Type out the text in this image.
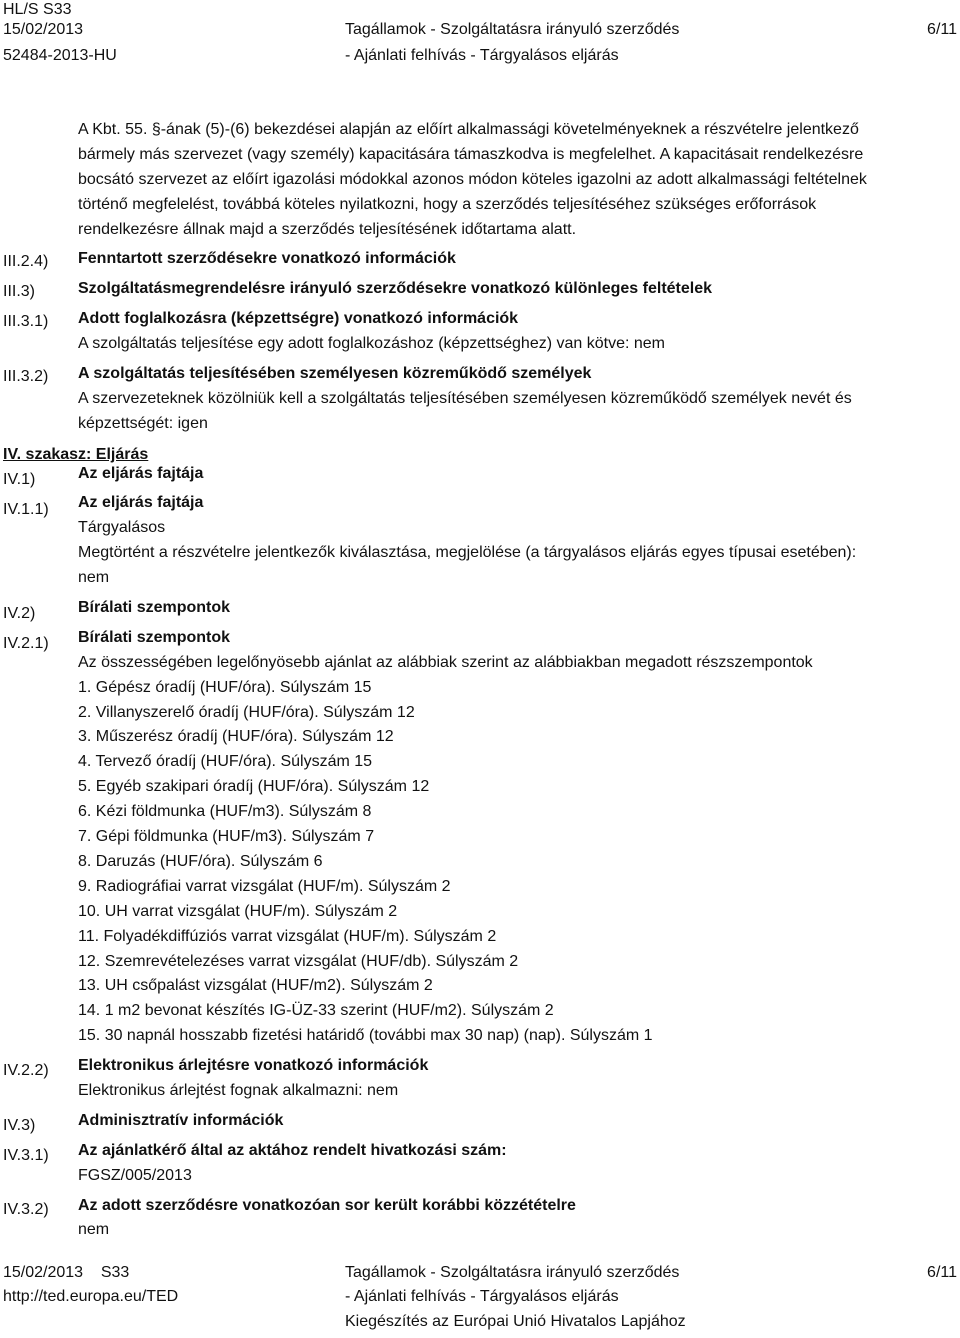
HL/S S33
15/02/2013
52484-2013-HU
Tagállamok - Szolgáltatásra irányuló szerződés
- Ajánlati felhívás - Tárgyalásos eljárás
6/11
III.2.4)
III.3)
III.3.1)
III.3.2)
IV. szakasz: Eljárás
IV.1)
IV.1.1)
IV.2)
IV.2.1)
IV.2.2)
IV.3)
IV.3.1)
IV.3.2)
A Kbt. 55. §-ának (5)-(6) bekezdései alapján az előírt alkalmassági követelményeknek a részvételre jelentkező
bármely más szervezet (vagy személy) kapacitására támaszkodva is megfelelhet. A kapacitásait rendelkezésre
bocsátó szervezet az előírt igazolási módokkal azonos módon köteles igazolni az adott alkalmassági feltételnek
történő megfelelést, továbbá köteles nyilatkozni, hogy a szerződés teljesítéséhez szükséges erőforrások
rendelkezésre állnak majd a szerződés teljesítésének időtartama alatt.
Fenntartott szerződésekre vonatkozó információk
Szolgáltatásmegrendelésre irányuló szerződésekre vonatkozó különleges feltételek
Adott foglalkozásra (képzettségre) vonatkozó információk
A szolgáltatás teljesítése egy adott foglalkozáshoz (képzettséghez) van kötve: nem
A szolgáltatás teljesítésében személyesen közreműködő személyek
A szervezeteknek közölniük kell a szolgáltatás teljesítésében személyesen közreműködő személyek nevét és
képzettségét: igen
Az eljárás fajtája
Az eljárás fajtája
Tárgyalásos
Megtörtént a részvételre jelentkezők kiválasztása, megjelölése (a tárgyalásos eljárás egyes típusai esetében):
nem
Bírálati szempontok
Bírálati szempontok
Az összességében legelőnyösebb ajánlat az alábbiak szerint az alábbiakban megadott részszempontok
1. Gépész óradíj (HUF/óra). Súlyszám 15
2. Villanyszerelő óradíj (HUF/óra). Súlyszám 12
3. Műszerész óradíj (HUF/óra). Súlyszám 12
4. Tervező óradíj (HUF/óra). Súlyszám 15
5. Egyéb szakipari óradíj (HUF/óra). Súlyszám 12
6. Kézi földmunka (HUF/m3). Súlyszám 8
7. Gépi földmunka (HUF/m3). Súlyszám 7
8. Daruzás (HUF/óra). Súlyszám 6
9. Radiográfiai varrat vizsgálat (HUF/m). Súlyszám 2
10. UH varrat vizsgálat (HUF/m). Súlyszám 2
11. Folyadékdiffúziós varrat vizsgálat (HUF/m). Súlyszám 2
12. Szemrevételezéses varrat vizsgálat (HUF/db). Súlyszám 2
13. UH csőpalást vizsgálat (HUF/m2). Súlyszám 2
14. 1 m2 bevonat készítés IG-ÜZ-33 szerint (HUF/m2). Súlyszám 2
15. 30 napnál hosszabb fizetési határidő (további max 30 nap) (nap). Súlyszám 1
Elektronikus árlejtésre vonatkozó információk
Elektronikus árlejtést fognak alkalmazni: nem
Adminisztratív információk
Az ajánlatkérő által az aktához rendelt hivatkozási szám:
FGSZ/005/2013
Az adott szerződésre vonatkozóan sor került korábbi közzétételre
nem
15/02/2013 S33
http://ted.europa.eu/TED
Tagállamok - Szolgáltatásra irányuló szerződés
- Ajánlati felhívás - Tárgyalásos eljárás
Kiegészítés az Európai Unió Hivatalos Lapjához
6/11
